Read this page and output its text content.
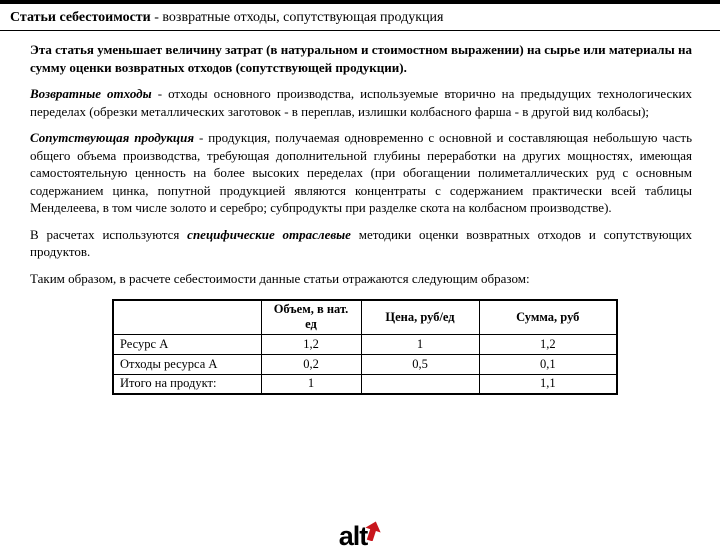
Статьи себестоимости - возвратные отходы, сопутствующая продукция

Эта статья уменьшает величину затрат (в натуральном и стоимостном выражении) на сырье или материалы на сумму оценки возвратных отходов (сопутствующей продукции).

Возвратные отходы - отходы основного производства, используемые вторично на предыдущих технологических переделах (обрезки металлических заготовок - в переплав, излишки колбасного фарша - в другой вид колбасы);

Сопутствующая продукция - продукция, получаемая одновременно с основной и составляющая небольшую часть общего объема производства, требующая дополнительной глубины переработки на других мощностях, имеющая самостоятельную ценность на более высоких переделах (при обогащении полиметаллических руд с основным содержанием цинка, попутной продукцией являются концентраты с содержанием практически всей таблицы Менделеева, в том числе золото и серебро; субпродукты при разделке скота на колбасном производстве).

В расчетах используются специфические отраслевые методики оценки возвратных отходов и сопутствующих продуктов.

Таким образом, в расчете себестоимости данные статьи отражаются следующим образом:

	Объем, в нат. ед	Цена, руб/ед	Сумма, руб
Ресурс А	1,2	1	1,2
Отходы ресурса А	0,2	0,5	0,1
Итого на продукт:	1		1,1
alt
